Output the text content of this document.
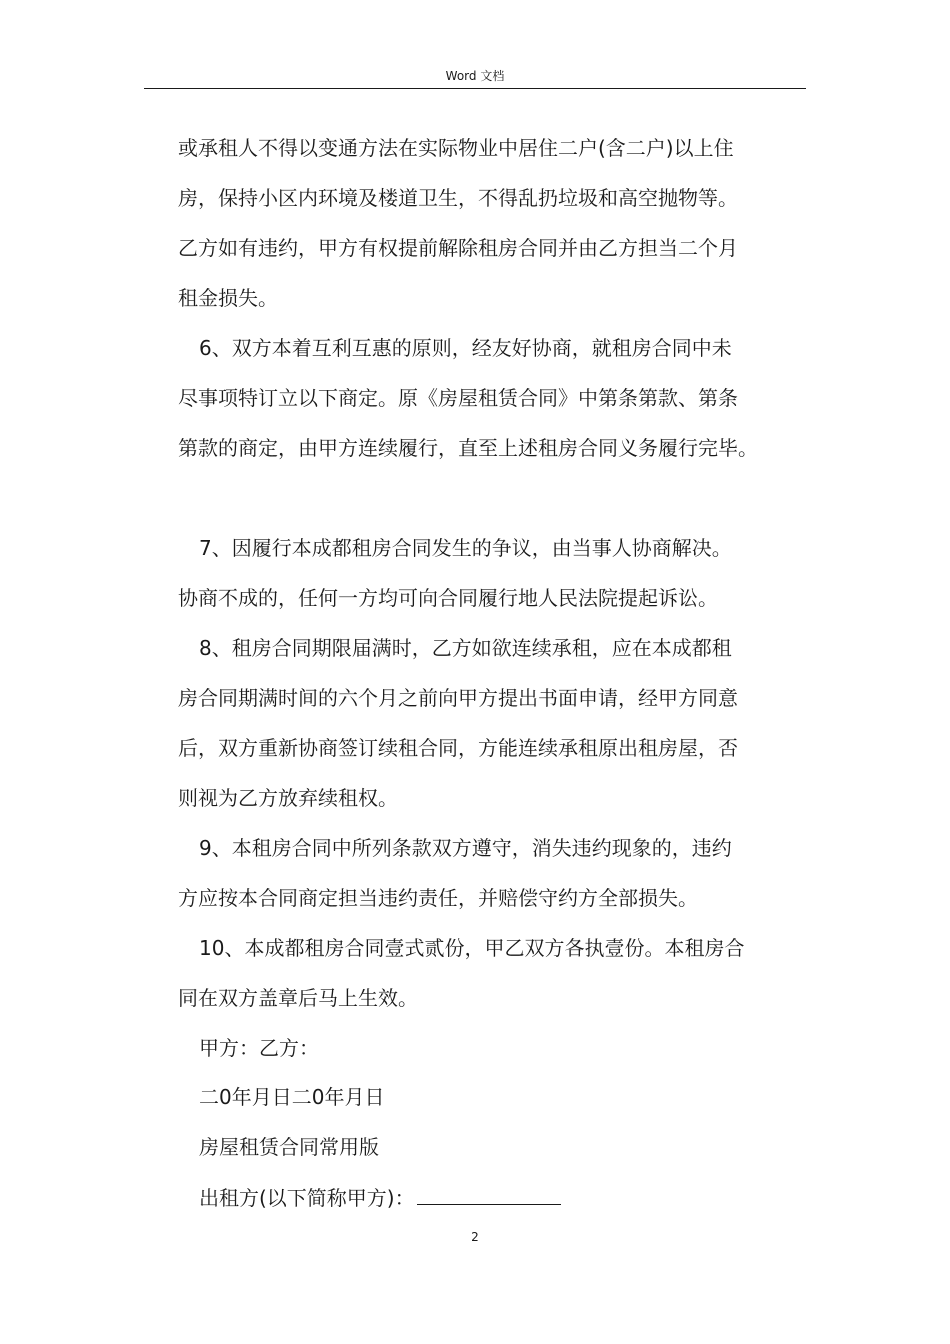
Word 文档
或承租人不得以变通方法在实际物业中居住二户(含二户)以上住
房，保持小区内环境及楼道卫生，不得乱扔垃圾和高空抛物等。
乙方如有违约，甲方有权提前解除租房合同并由乙方担当二个月
租金损失。
6、双方本着互利互惠的原则，经友好协商，就租房合同中未
尽事项特订立以下商定。原《房屋租赁合同》中第条第款、第条
第款的商定，由甲方连续履行，直至上述租房合同义务履行完毕。
7、因履行本成都租房合同发生的争议，由当事人协商解决。
协商不成的，任何一方均可向合同履行地人民法院提起诉讼。
8、租房合同期限届满时，乙方如欲连续承租，应在本成都租
房合同期满时间的六个月之前向甲方提出书面申请，经甲方同意
后，双方重新协商签订续租合同，方能连续承租原出租房屋，否
则视为乙方放弃续租权。
9、本租房合同中所列条款双方遵守，消失违约现象的，违约
方应按本合同商定担当违约责任，并赔偿守约方全部损失。
10、本成都租房合同壹式贰份，甲乙双方各执壹份。本租房合
同在双方盖章后马上生效。
甲方：乙方：
二0年月日二0年月日
房屋租赁合同常用版
出租方(以下简称甲方)：
2
